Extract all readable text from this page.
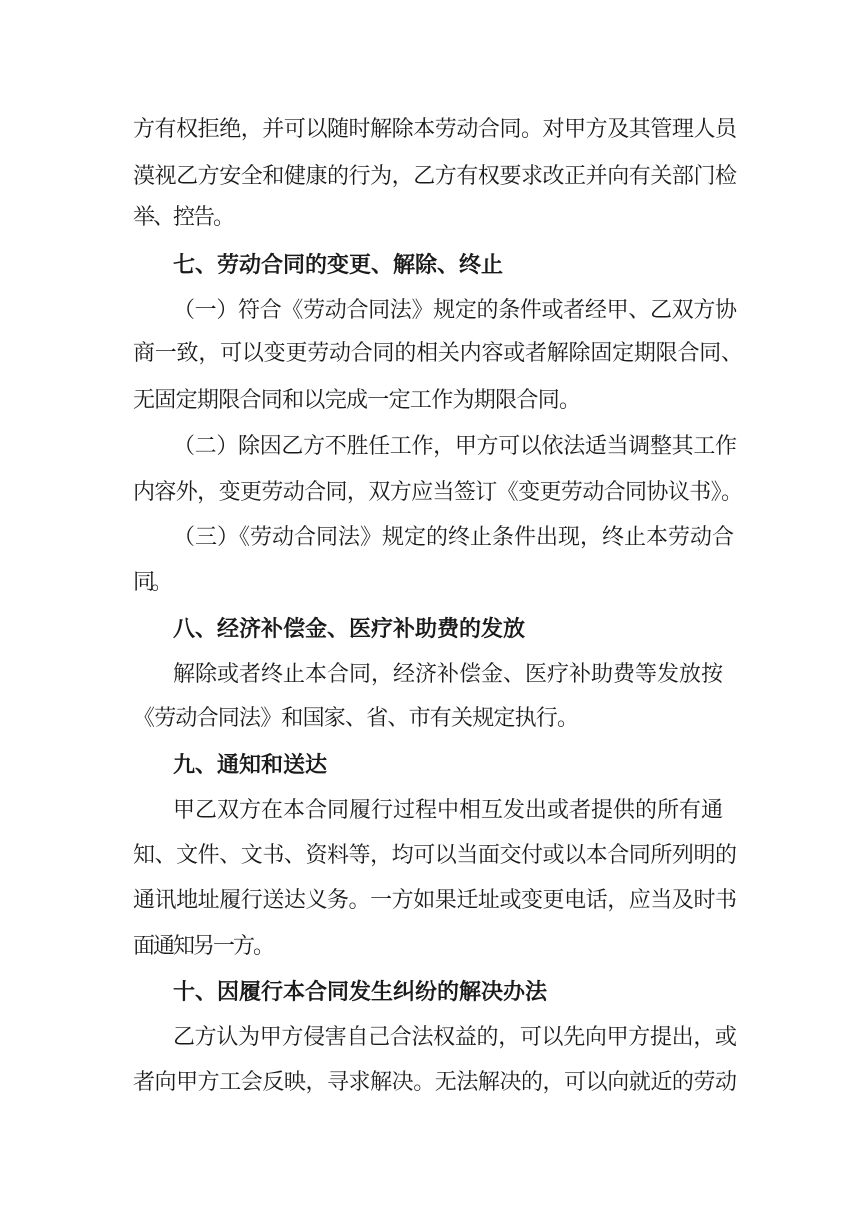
方有权拒绝，并可以随时解除本劳动合同。对甲方及其管理人员
漠视乙方安全和健康的行为，乙方有权要求改正并向有关部门检
举、控告。
七、劳动合同的变更、解除、终止
（一）符合《劳动合同法》规定的条件或者经甲、乙双方协
商一致，可以变更劳动合同的相关内容或者解除固定期限合同、
无固定期限合同和以完成一定工作为期限合同。
（二）除因乙方不胜任工作，甲方可以依法适当调整其工作
内容外，变更劳动合同，双方应当签订《变更劳动合同协议书》。
（三）《劳动合同法》规定的终止条件出现，终止本劳动合
同。
八、经济补偿金、医疗补助费的发放
解除或者终止本合同，经济补偿金、医疗补助费等发放按
《劳动合同法》和国家、省、市有关规定执行。
九、通知和送达
甲乙双方在本合同履行过程中相互发出或者提供的所有通
知、文件、文书、资料等，均可以当面交付或以本合同所列明的
通讯地址履行送达义务。一方如果迁址或变更电话，应当及时书
面通知另一方。
十、因履行本合同发生纠纷的解决办法
乙方认为甲方侵害自己合法权益的，可以先向甲方提出，或
者向甲方工会反映，寻求解决。无法解决的，可以向就近的劳动
